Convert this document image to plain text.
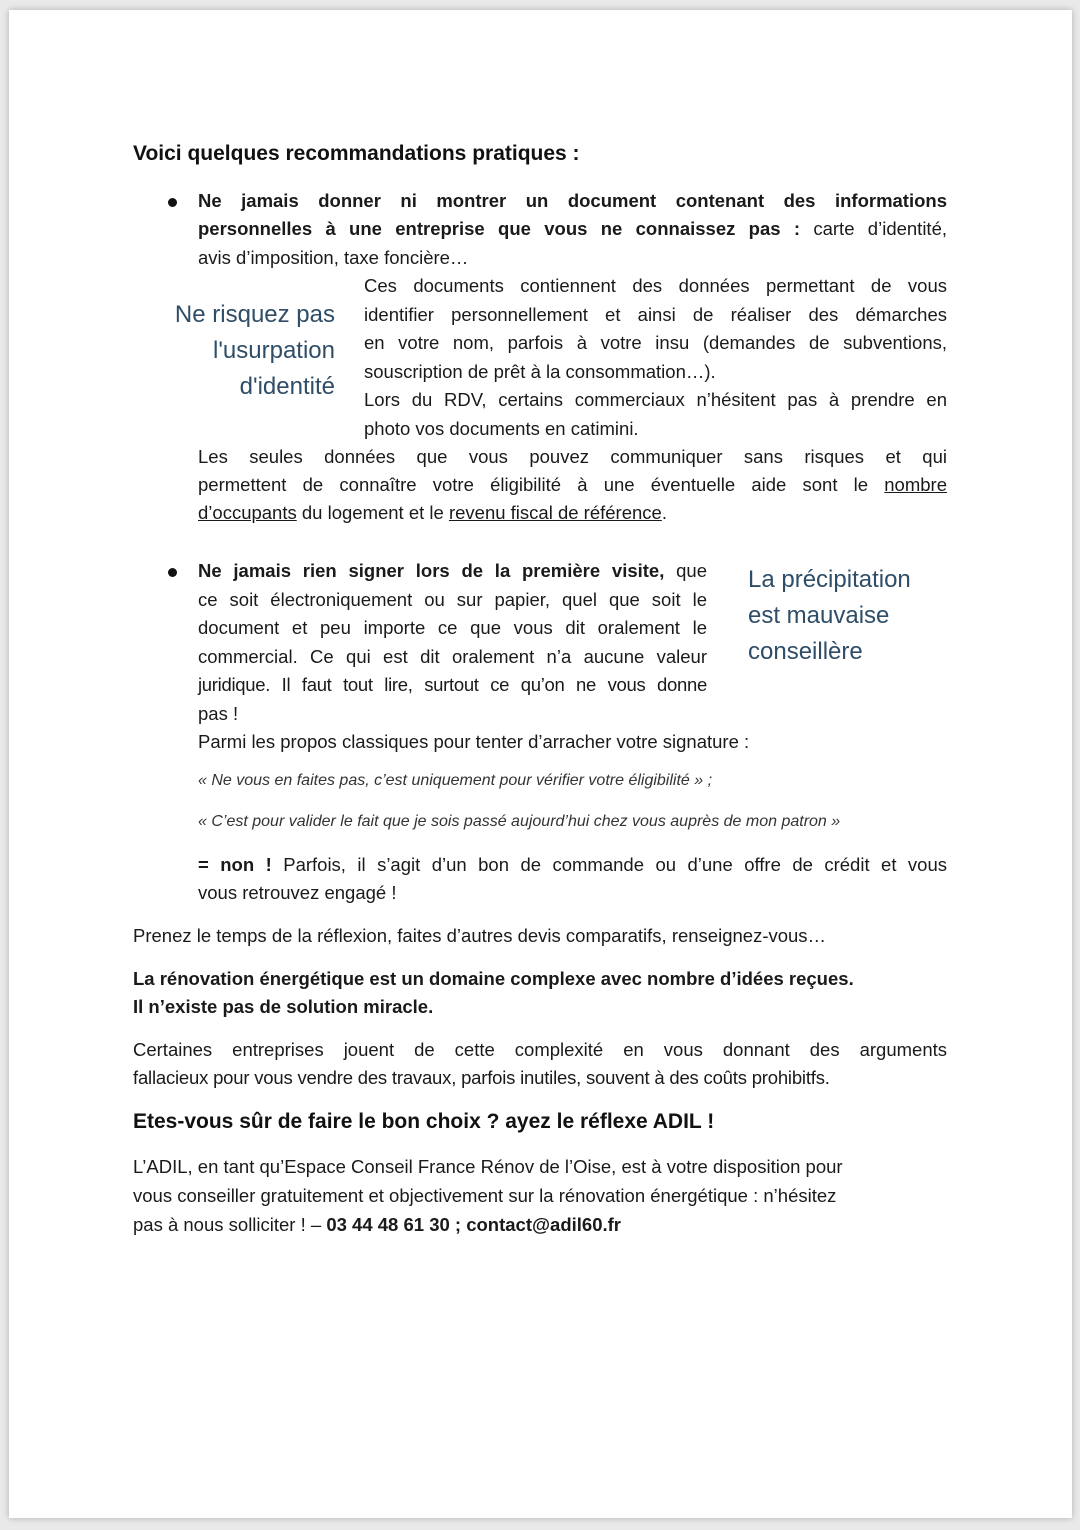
Voici quelques recommandations pratiques :
Ne jamais donner ni montrer un document contenant des informations
personnelles à une entreprise que vous ne connaissez pas : carte d’identité,
avis d’imposition, taxe foncière…
Ne risquez pas
l'usurpation
d'identité
Ces documents contiennent des données permettant de vous
identifier personnellement et ainsi de réaliser des démarches
en votre nom, parfois à votre insu (demandes de subventions,
souscription de prêt à la consommation…).
Lors du RDV, certains commerciaux n’hésitent pas à prendre en
photo vos documents en catimini.
Les seules données que vous pouvez communiquer sans risques et qui
permettent de connaître votre éligibilité à une éventuelle aide sont le nombre
d’occupants du logement et le revenu fiscal de référence.
Ne jamais rien signer lors de la première visite, que
ce soit électroniquement ou sur papier, quel que soit le
document et peu importe ce que vous dit oralement le
commercial. Ce qui est dit oralement n’a aucune valeur
juridique. Il faut tout lire, surtout ce qu’on ne vous donne
pas !
La précipitation
est mauvaise
conseillère
Parmi les propos classiques pour tenter d’arracher votre signature :
« Ne vous en faites pas, c’est uniquement pour vérifier votre éligibilité » ;
« C’est pour valider le fait que je sois passé aujourd’hui chez vous auprès de mon patron »
= non ! Parfois, il s’agit d’un bon de commande ou d’une offre de crédit et vous
vous retrouvez engagé !
Prenez le temps de la réflexion, faites d’autres devis comparatifs, renseignez-vous…
La rénovation énergétique est un domaine complexe avec nombre d’idées reçues.
Il n’existe pas de solution miracle.
Certaines entreprises jouent de cette complexité en vous donnant des arguments
fallacieux pour vous vendre des travaux, parfois inutiles, souvent à des coûts prohibitfs.
Etes-vous sûr de faire le bon choix ? ayez le réflexe ADIL !
L’ADIL, en tant qu’Espace Conseil France Rénov de l’Oise, est à votre disposition pour
vous conseiller gratuitement et objectivement sur la rénovation énergétique : n’hésitez
pas à nous solliciter ! – 03 44 48 61 30 ; contact@adil60.fr
